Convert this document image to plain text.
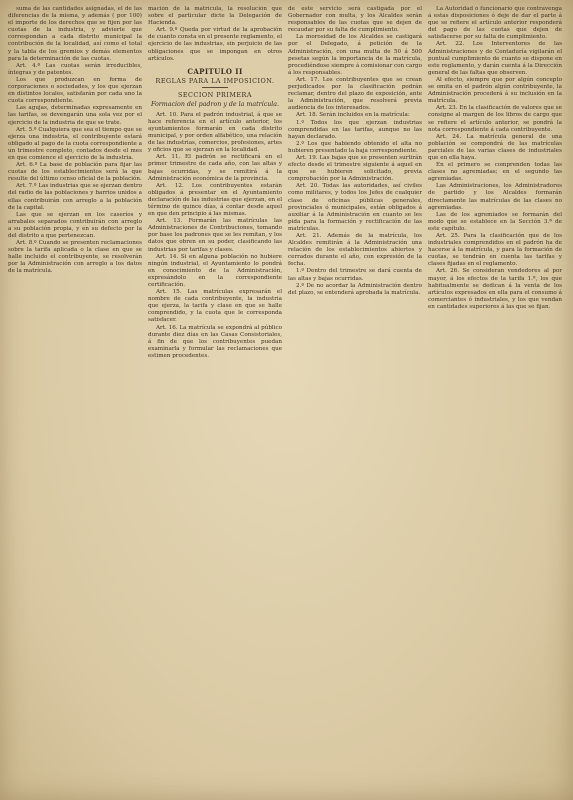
suma de las cantidades asignadas, el de las diferencias de la misma, y además ( por 100) el importe de los derechos que se fijen por las cuotas de la industria, y advierte que correspondan a cada distrito municipal la contribución de la localidad, así como el total y la tabla de los gremios y demás elementos para la determinación de las cuotas.

Art. 4.º Las cuotas serán irreducibles, íntegras y de patentes.

Los que produzcan en forma de corporaciones o sociedades, y los que ejerzan en distintos locales, satisfarán por cada uno la cuota correspondiente.

Las agujas, determinadas expresamente en las tarifas, se devengarán una sola vez por el ejercicio de la industria de que se trate.

Art. 5.º Cualquiera que sea el tiempo que se ejerza una industria, el contribuyente estará obligado al pago de la cuota correspondiente a un trimestre completo, contados desde el mes en que comience el ejercicio de la industria.

Art. 6.º La base de población para fijar las cuotas de los establecimientos será la que resulte del último censo oficial de la población.

Art. 7.º Las industrias que se ejerzan dentro del radio de las poblaciones y barrios unidos a ellas contribuirán con arreglo a la población de la capital.

Las que se ejerzan en los caseríos y arrabales separados contribuirán con arreglo a su población propia, y en su defecto por la del distrito a que pertenezcan.

Art. 8.º Cuando se presenten reclamaciones sobre la tarifa aplicada o la clase en que se halle incluido el contribuyente, se resolverán por la Administración con arreglo a los datos de la matrícula.

mación de la matrícula, la resolución que sobre el particular dicte la Delegación de Hacienda.

Art. 9.º Queda por virtud de la aprobación de cuanto consta en el presente reglamento, el ejercicio de las industrias, sin perjuicio de las obligaciones que se impongan en otros artículos.

CAPITULO II
REGLAS PARA LA IMPOSICION.
SECCION PRIMERA
Formacion del padron y de la matrícula.

Art. 10. Para el padrón industrial, á que se hace referencia en el artículo anterior, los ayuntamientos formarán en cada distrito municipal, y por orden alfabético, una relación de las industrias, comercios, profesiones, artes y oficios que se ejerzan en la localidad.

Art. 11. El padrón se rectificará en el primer trimestre de cada año, con las altas y bajas ocurridas, y se remitirá á la Administración económica de la provincia.

Art. 12. Los contribuyentes estarán obligados á presentar en el Ayuntamiento declaración de las industrias que ejerzan, en el término de quince días, á contar desde aquel en que den principio á las mismas.

Art. 13. Formarán las matrículas las Administraciones de Contribuciones, tomando por base los padrones que se les remitan, y los datos que obren en su poder, clasificando las industrias por tarifas y clases.

Art. 14. Si en alguna población no hubiere ningún industrial, el Ayuntamiento lo pondrá en conocimiento de la Administración, expresándolo en la correspondiente certificación.

Art. 15. Las matrículas expresarán el nombre de cada contribuyente, la industria que ejerza, la tarifa y clase en que se halle comprendido, y la cuota que le corresponda satisfacer.

Art. 16. La matrícula se expondrá al público durante diez días en las Casas Consistoriales, á fin de que los contribuyentes puedan examinarla y formular las reclamaciones que estimen procedentes.

de este servicio será castigada por el Gobernador con multa, y los Alcaldes serán responsables de las cuotas que se dejen de recaudar por su falta de cumplimiento.

La morosidad de los Alcaldes se castigará por el Delegado, á petición de la Administración, con una multa de 50 á 500 pesetas según la importancia de la matrícula, procediéndose siempre á comisionar con cargo á los responsables.

Art. 17. Los contribuyentes que se crean perjudicados por la clasificación podrán reclamar, dentro del plazo de exposición, ante la Administración, que resolverá previa audiencia de los interesados.

Art. 18. Serán incluidos en la matrícula:

1.º Todos los que ejerzan industrias comprendidas en las tarifas, aunque no las hayan declarado.

2.º Los que habiendo obtenido el alta no hubieren presentado la baja correspondiente.

Art. 19. Las bajas que se presenten surtirán efecto desde el trimestre siguiente á aquel en que se hubieren solicitado, previa comprobación por la Administración.

Art. 20. Todas las autoridades, así civiles como militares, y todos los Jefes de cualquier clase de oficinas públicas generales, provinciales ó municipales, están obligados á auxiliar á la Administración en cuanto se les pida para la formación y rectificación de las matrículas.

Art. 21. Además de la matrícula, los Alcaldes remitirán á la Administración una relación de los establecimientos abiertos y cerrados durante el año, con expresión de la fecha.

1.º Dentro del trimestre se dará cuenta de las altas y bajas ocurridas.

2.º De no acordar la Administración dentro del plazo, se entenderá aprobada la matrícula.

La Autoridad ó funcionario que contravenga á estas disposiciones ó deje de dar el parte á que se refiere el artículo anterior responderá del pago de las cuotas que dejen de satisfacerse por su falta de cumplimiento.

Art. 22. Los Interventores de las Administraciones y de Contaduría vigilarán el puntual cumplimiento de cuanto se dispone en este reglamento, y darán cuenta á la Dirección general de las faltas que observen.

Al efecto, siempre que por algún concepto se omita en el padrón algún contribuyente, la Administración procederá á su inclusión en la matrícula.

Art. 23. En la clasificación de valores que se consigne al margen de los libros de cargo que se refiere el artículo anterior, se pondrá la nota correspondiente á cada contribuyente.

Art. 24. La matrícula general de una población se compondrá de las matrículas parciales de las varias clases de industriales que en ella haya.

En el primero se comprenden todas las clases no agremiadas; en el segundo las agremiadas.

Las Administraciones, los Administradores de partido y los Alcaldes formarán directamente las matrículas de las clases no agremiadas.

Las de los agremiados se formarán del modo que se establece en la Sección 3.ª de este capítulo.

Art. 25. Para la clasificación que de los industriales comprendidos en el padrón ha de hacerse á la matrícula, y para la formación de cuotas, se tendrán en cuenta las tarifas y clases fijadas en el reglamento.

Art. 26. Se consideran vendedores al por mayor, á los efectos de la tarifa 1.ª, los que habitualmente se dedican á la venta de los artículos expresados en ella para el consumo á comerciantes ó industriales, y los que vendan en cantidades superiores á las que se fijan.
